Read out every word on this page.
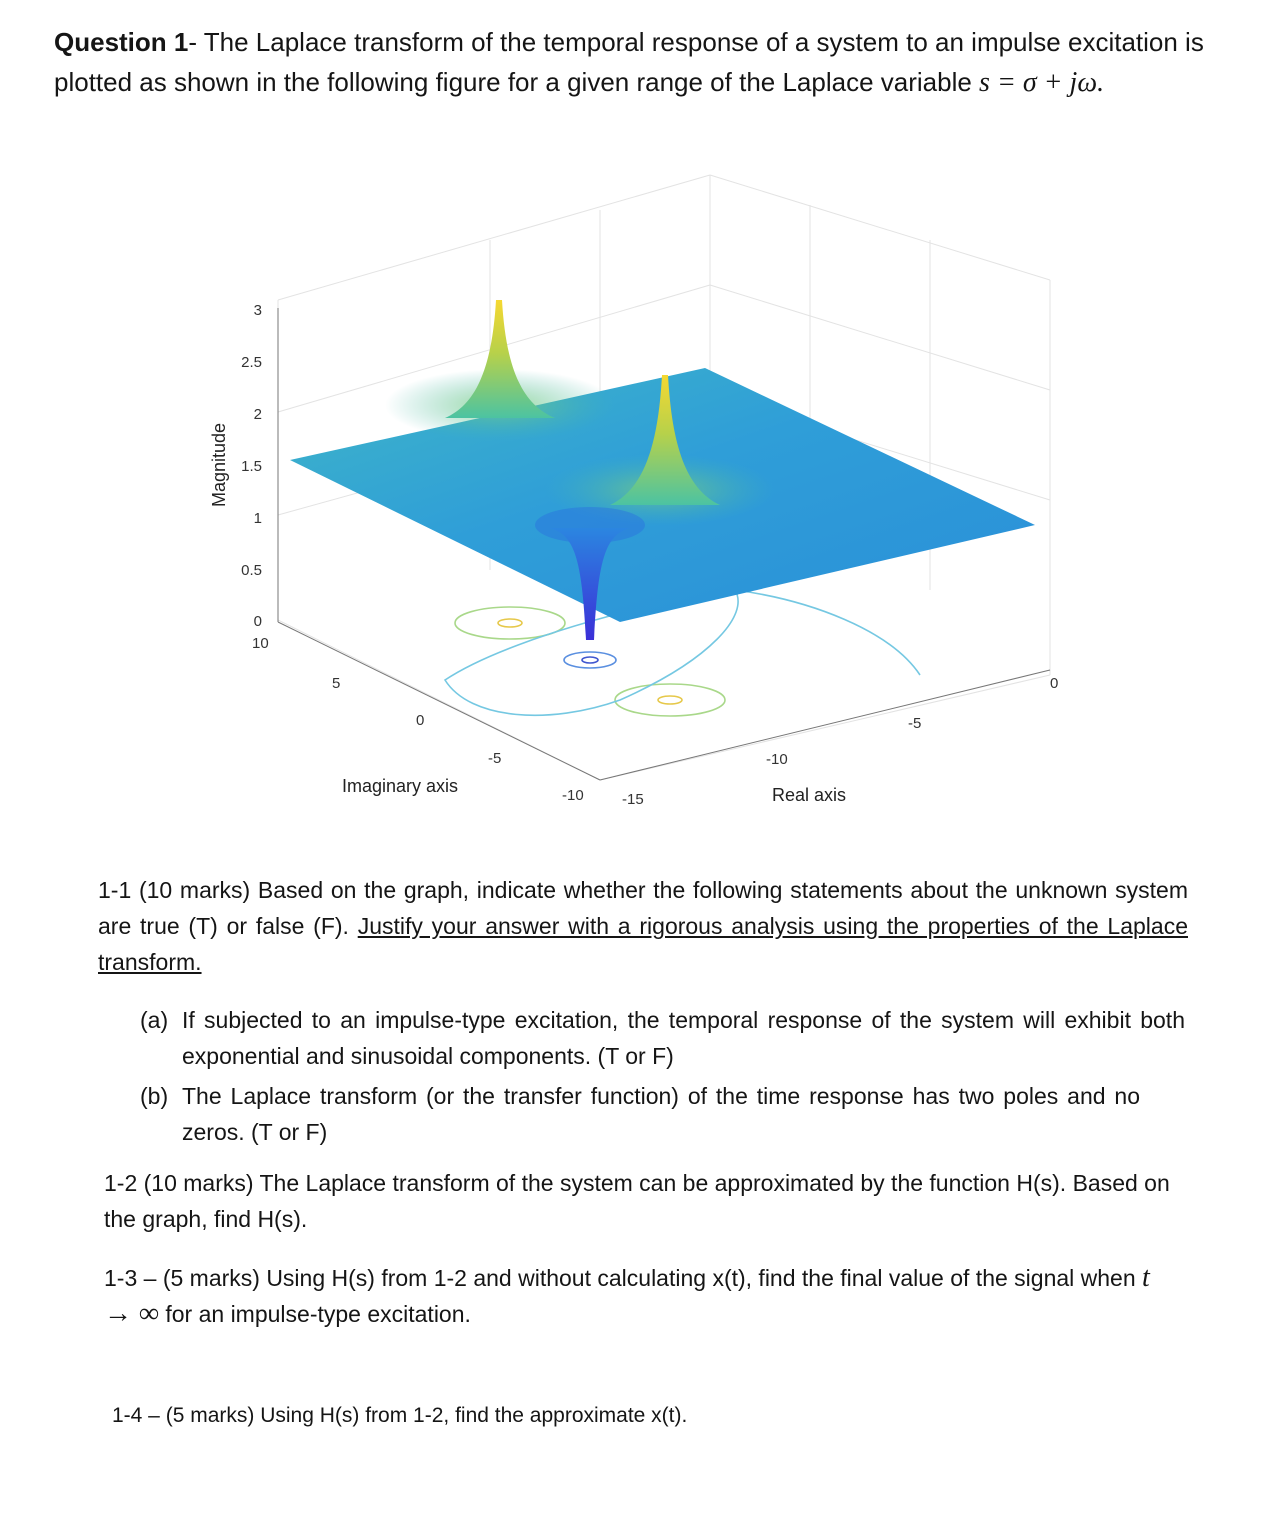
Question 1- The Laplace transform of the temporal response of a system to an impulse excitation is plotted as shown in the following figure for a given range of the Laplace variable s = σ + jω.
3
2.5
2
1.5
1
0.5
0
Magnitude
10
5
0
-5
-10
Imaginary axis
-15
-10
-5
0
Real axis
1-1 (10 marks) Based on the graph, indicate whether the following statements about the unknown system are true (T) or false (F). Justify your answer with a rigorous analysis using the properties of the Laplace transform.
(a) If subjected to an impulse-type excitation, the temporal response of the system will exhibit both exponential and sinusoidal components. (T or F)
(b) The Laplace transform (or the transfer function) of the time response has two poles and no zeros. (T or F)
1-2 (10 marks) The Laplace transform of the system can be approximated by the function H(s). Based on the graph, find H(s).
1-3 – (5 marks) Using H(s) from 1-2 and without calculating x(t), find the final value of the signal when t → ∞ for an impulse-type excitation.
1-4 – (5 marks) Using H(s) from 1-2, find the approximate x(t).
